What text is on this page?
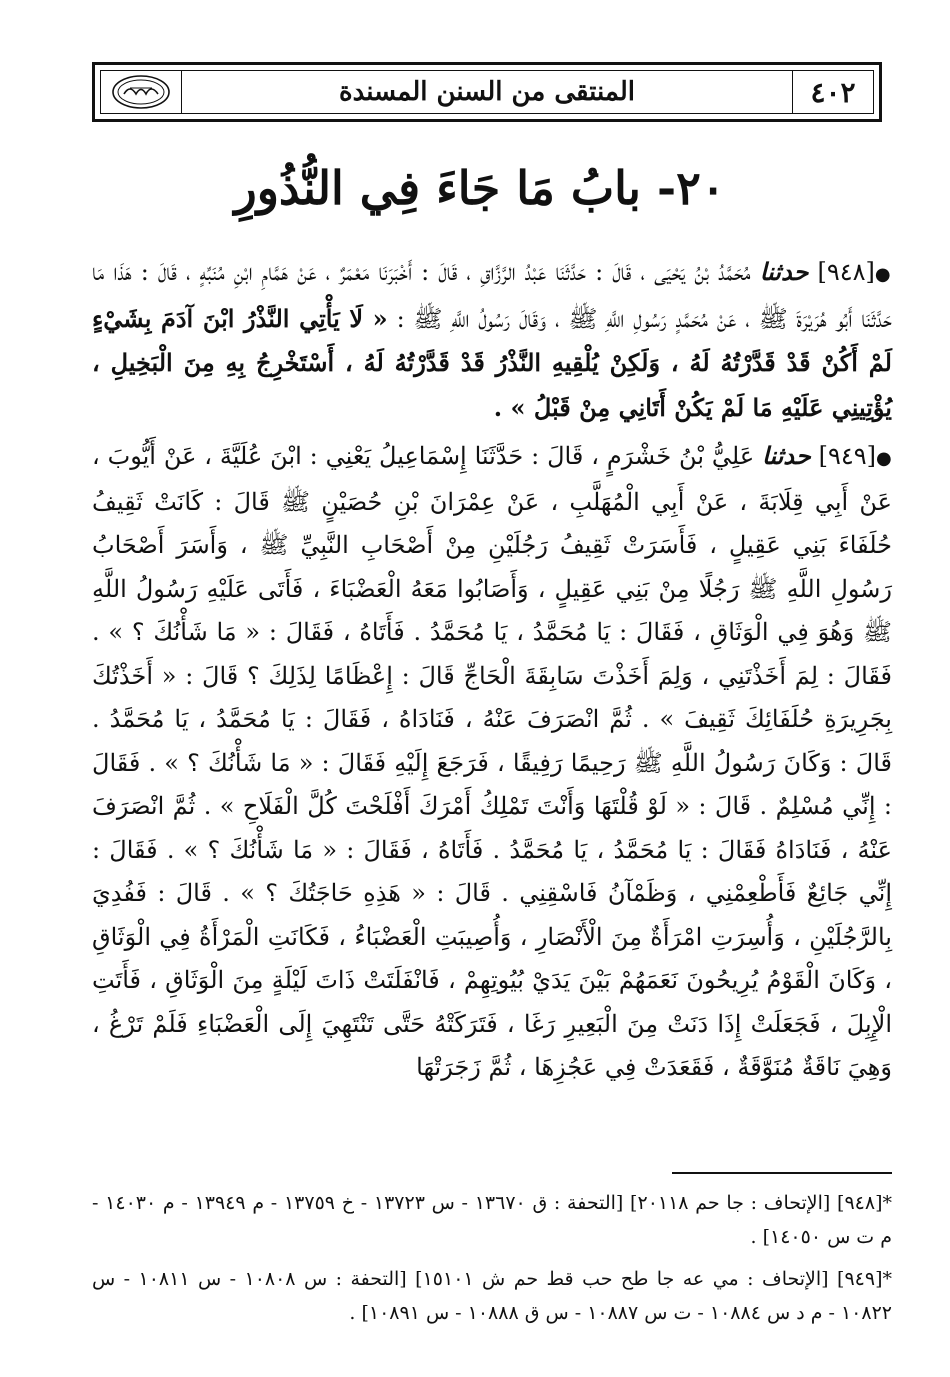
٤٠٢
المنتقى من السنن المسندة
٢٠- بابُ مَا جَاءَ فِي النُّذُورِ

●[٩٤٨] حدثنا مُحَمَّدُ بْنُ يَحْيَى ، قَالَ : حَدَّثَنَا عَبْدُ الرَّزَّاقِ ، قَالَ : أَخْبَرَنَا مَعْمَرٌ ، عَنْ هَمَّامِ ابْنِ مُنَبِّهٍ ، قَالَ : هَذَا مَا حَدَّثَنَا أَبُو هُرَيْرَةَ ﷺ ، عَنْ مُحَمَّدٍ رَسُولِ اللَّهِ ﷺ ، وَقَالَ رَسُولُ اللَّهِ ﷺ : « لَا يَأْتِي النَّذْرُ ابْنَ آدَمَ بِشَيْءٍ لَمْ أَكُنْ قَدْ قَدَّرْتُهُ لَهُ ، وَلَكِنْ يُلْقِيهِ النَّذْرُ قَدْ قَدَّرْتُهُ لَهُ ، أَسْتَخْرِجُ بِهِ مِنَ الْبَخِيلِ ، يُؤْتِينِي عَلَيْهِ مَا لَمْ يَكُنْ أَتَانِي مِنْ قَبْلُ » .

●[٩٤٩] حدثنا عَلِيُّ بْنُ خَشْرَمٍ ، قَالَ : حَدَّثَنَا إِسْمَاعِيلُ يَعْنِي : ابْنَ عُلَيَّةَ ، عَنْ أَيُّوبَ ، عَنْ أَبِي قِلَابَةَ ، عَنْ أَبِي الْمُهَلَّبِ ، عَنْ عِمْرَانَ بْنِ حُصَيْنٍ ﷺ قَالَ : كَانَتْ ثَقِيفُ حُلَفَاءَ بَنِي عَقِيلٍ ، فَأَسَرَتْ ثَقِيفُ رَجُلَيْنِ مِنْ أَصْحَابِ النَّبِيِّ ﷺ ، وَأَسَرَ أَصْحَابُ رَسُولِ اللَّهِ ﷺ رَجُلًا مِنْ بَنِي عَقِيلٍ ، وَأَصَابُوا مَعَهُ الْعَضْبَاءَ ، فَأَتَى عَلَيْهِ رَسُولُ اللَّهِ ﷺ وَهُوَ فِي الْوَثَاقِ ، فَقَالَ : يَا مُحَمَّدُ ، يَا مُحَمَّدُ . فَأَتَاهُ ، فَقَالَ : « مَا شَأْنُكَ ؟ » . فَقَالَ : لِمَ أَخَذْتَنِي ، وَلِمَ أَخَذْتَ سَابِقَةَ الْحَاجِّ قَالَ : إِعْظَامًا لِذَلِكَ ؟ قَالَ : « أَخَذْتُكَ بِجَرِيرَةِ حُلَفَائِكَ ثَقِيفَ » . ثُمَّ انْصَرَفَ عَنْهُ ، فَنَادَاهُ ، فَقَالَ : يَا مُحَمَّدُ ، يَا مُحَمَّدُ . قَالَ : وَكَانَ رَسُولُ اللَّهِ ﷺ رَحِيمًا رَفِيقًا ، فَرَجَعَ إِلَيْهِ فَقَالَ : « مَا شَأْنُكَ ؟ » . فَقَالَ : إِنِّي مُسْلِمٌ . قَالَ : « لَوْ قُلْتَهَا وَأَنْتَ تَمْلِكُ أَمْرَكَ أَفْلَحْتَ كُلَّ الْفَلَاحِ » . ثُمَّ انْصَرَفَ عَنْهُ ، فَنَادَاهُ فَقَالَ : يَا مُحَمَّدُ ، يَا مُحَمَّدُ . فَأَتَاهُ ، فَقَالَ : « مَا شَأْنُكَ ؟ » . فَقَالَ : إِنِّي جَائِعٌ فَأَطْعِمْنِي ، وَظَمْآنُ فَاسْقِنِي . قَالَ : « هَذِهِ حَاجَتُكَ ؟ » . قَالَ : فَفُدِيَ بِالرَّجُلَيْنِ ، وَأُسِرَتِ امْرَأَةٌ مِنَ الْأَنْصَارِ ، وَأُصِيبَتِ الْعَضْبَاءُ ، فَكَانَتِ الْمَرْأَةُ فِي الْوَثَاقِ ، وَكَانَ الْقَوْمُ يُرِيحُونَ نَعَمَهُمْ بَيْنَ يَدَيْ بُيُوتِهِمْ ، فَانْفَلَتَتْ ذَاتَ لَيْلَةٍ مِنَ الْوَثَاقِ ، فَأَتَتِ الْإِبِلَ ، فَجَعَلَتْ إِذَا دَنَتْ مِنَ الْبَعِيرِ رَغَا ، فَتَرَكَتْهُ حَتَّى تَنْتَهِيَ إِلَى الْعَضْبَاءِ فَلَمْ تَرْغُ ، وَهِيَ نَاقَةٌ مُنَوَّقَةٌ ، فَقَعَدَتْ فِي عَجُزِهَا ، ثُمَّ زَجَرَتْهَا

*[٩٤٨] [الإتحاف : جا حم ٢٠١١٨] [التحفة : ق ١٣٦٧٠ - س ١٣٧٢٣ - خ ١٣٧٥٩ - م ١٣٩٤٩ - م ١٤٠٣٠ - م ت س ١٤٠٥٠] .

*[٩٤٩] [الإتحاف : مي عه جا طح حب قط حم ش ١٥١٠١] [التحفة : س ١٠٨٠٨ - س ١٠٨١١ - س ١٠٨٢٢ - م د س ١٠٨٨٤ - ت س ١٠٨٨٧ - س ق ١٠٨٨٨ - س ١٠٨٩١] .
